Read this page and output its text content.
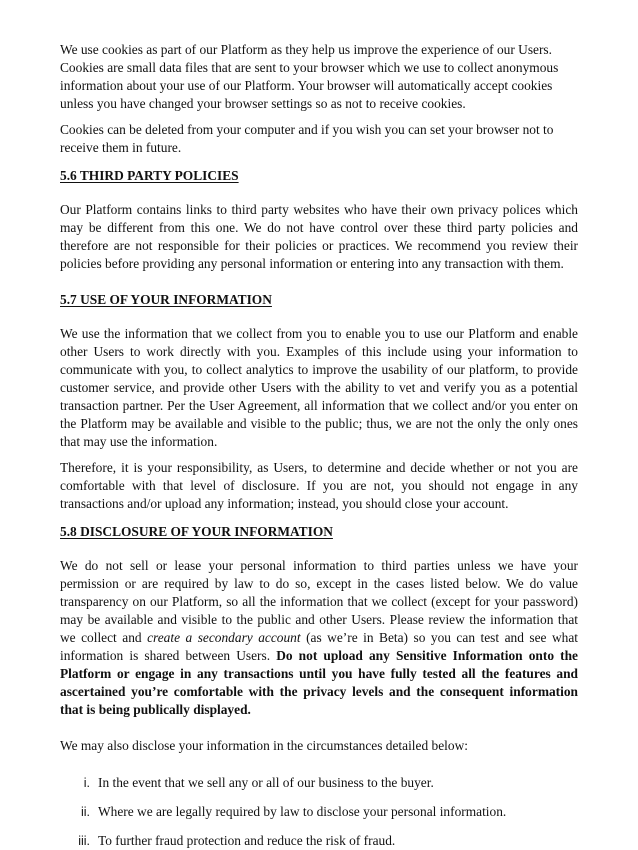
We use cookies as part of our Platform as they help us improve the experience of our Users. Cookies are small data files that are sent to your browser which we use to collect anonymous information about your use of our Platform. Your browser will automatically accept cookies unless you have changed your browser settings so as not to receive cookies.

Cookies can be deleted from your computer and if you wish you can set your browser not to receive them in future.

5.6 THIRD PARTY POLICIES

Our Platform contains links to third party websites who have their own privacy polices which may be different from this one. We do not have control over these third party policies and therefore are not responsible for their policies or practices. We recommend you review their policies before providing any personal information or entering into any transaction with them.

5.7 USE OF YOUR INFORMATION

We use the information that we collect from you to enable you to use our Platform and enable other Users to work directly with you. Examples of this include using your information to communicate with you, to collect analytics to improve the usability of our platform, to provide customer service, and provide other Users with the ability to vet and verify you as a potential transaction partner. Per the User Agreement, all information that we collect and/or you enter on the Platform may be available and visible to the public; thus, we are not the only the only ones that may use the information.

Therefore, it is your responsibility, as Users, to determine and decide whether or not you are comfortable with that level of disclosure. If you are not, you should not engage in any transactions and/or upload any information; instead, you should close your account.

5.8 DISCLOSURE OF YOUR INFORMATION

We do not sell or lease your personal information to third parties unless we have your permission or are required by law to do so, except in the cases listed below. We do value transparency on our Platform, so all the information that we collect (except for your password) may be available and visible to the public and other Users. Please review the information that we collect and create a secondary account (as we’re in Beta) so you can test and see what information is shared between Users. Do not upload any Sensitive Information onto the Platform or engage in any transactions until you have fully tested all the features and ascertained you’re comfortable with the privacy levels and the consequent information that is being publically displayed.

We may also disclose your information in the circumstances detailed below:

i. In the event that we sell any or all of our business to the buyer.
ii. Where we are legally required by law to disclose your personal information.
iii. To further fraud protection and reduce the risk of fraud.
